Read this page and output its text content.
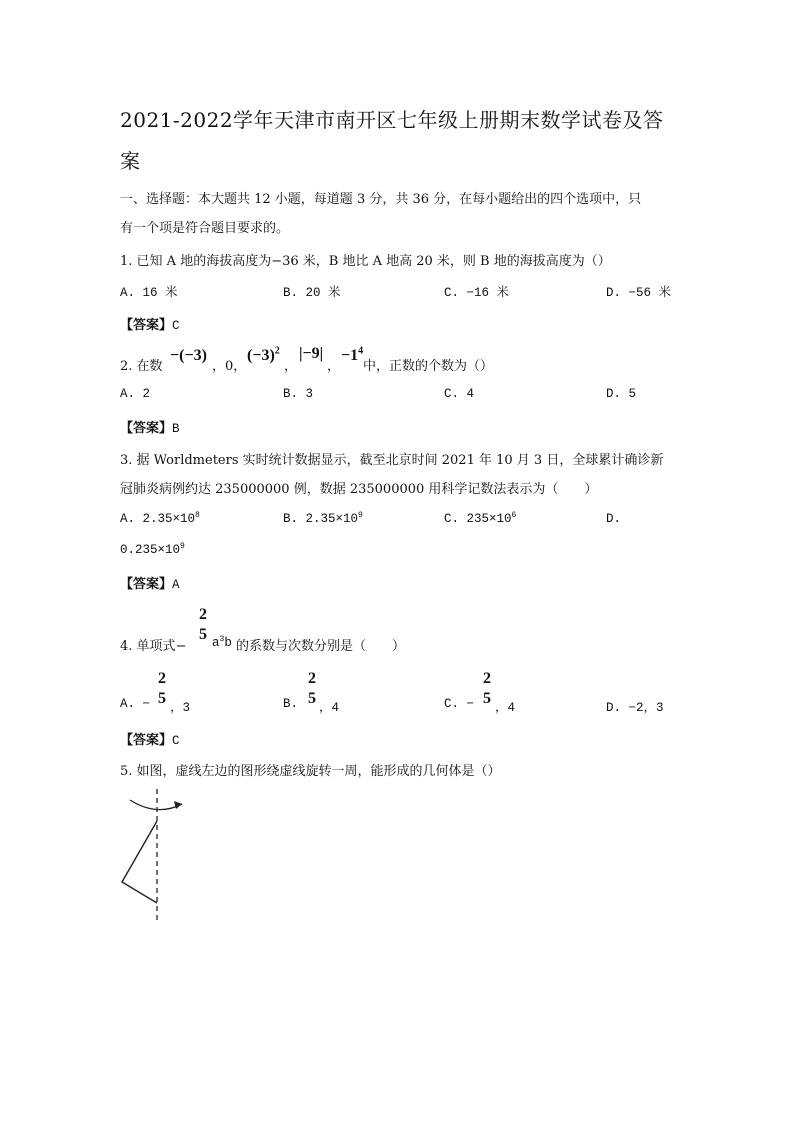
2021-2022学年天津市南开区七年级上册期末数学试卷及答
案
一、选择题：本大题共 12 小题，每道题 3 分，共 36 分，在每小题给出的四个选项中，只
有一个项是符合题目要求的。
1. 已知 A 地的海拔高度为−36 米，B 地比 A 地高 20 米，则 B 地的海拔高度为（）
A. 16 米	B. 20 米	C. −16 米	D. −56 米
【答案】C
2. 在数
−(−3)
，0，
$(-3)^2$
，
|−9|
，
$-1^4$
中，正数的个数为（）
A. 2	B. 3	C. 4	D. 5
【答案】B
3. 据 Worldmeters 实时统计数据显示，截至北京时间 2021 年 10 月 3 日，全球累计确诊新
冠肺炎病例约达 235000000 例，数据 235000000 用科学记数法表示为（　　）
A. $2.35\times 10^8$	B. $2.35\times 10^9$	C. $235\times 10^6$	D.
$0.235\times 10^9$
【答案】A
4. 单项式−
2
5 $a^3b$ 的系数与次数分别是（　　）
A. −
2
5
，3	B.
2
5
，4	C. −
2
5
，4	D. −2，3
【答案】C
5. 如图，虚线左边的图形绕虚线旋转一周，能形成的几何体是（）
